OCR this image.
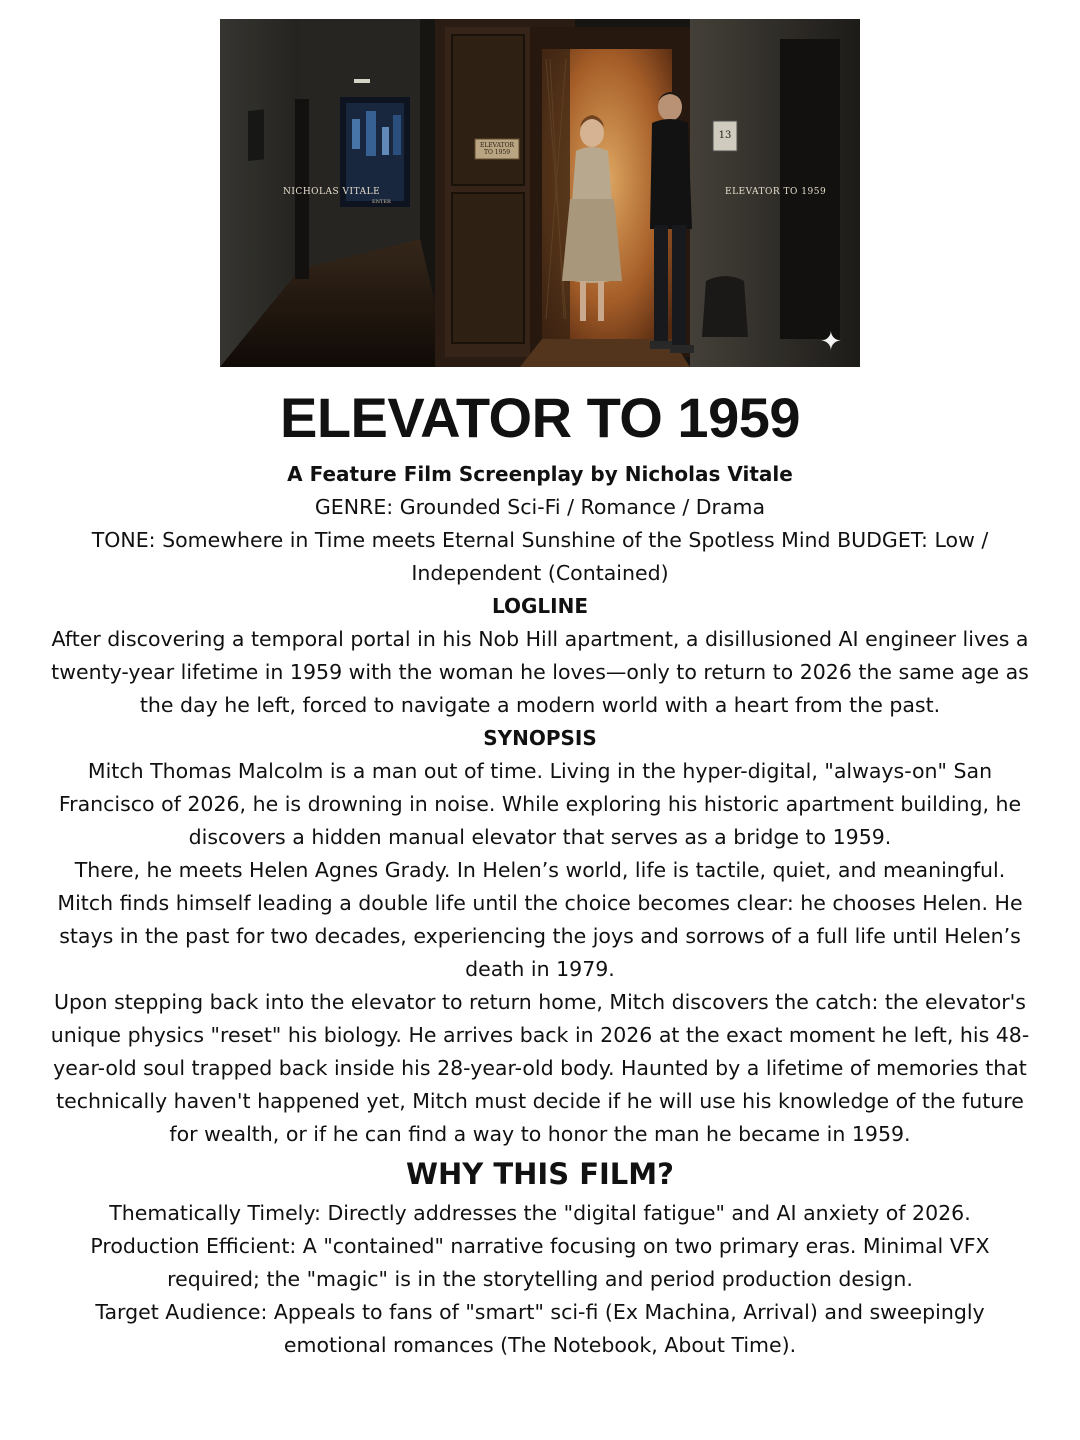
ELEVATOR TO 1959
13
NICHOLAS VITALE
ENTER
ELEVATOR TO 1959
✦
ELEVATOR TO 1959

A Feature Film Screenplay by Nicholas Vitale

GENRE: Grounded Sci-Fi / Romance / Drama

TONE: Somewhere in Time meets Eternal Sunshine of the Spotless Mind BUDGET: Low /

Independent (Contained)

LOGLINE

After discovering a temporal portal in his Nob Hill apartment, a disillusioned AI engineer lives a

twenty-year lifetime in 1959 with the woman he loves—only to return to 2026 the same age as

the day he left, forced to navigate a modern world with a heart from the past.

SYNOPSIS

Mitch Thomas Malcolm is a man out of time. Living in the hyper-digital, "always-on" San

Francisco of 2026, he is drowning in noise. While exploring his historic apartment building, he

discovers a hidden manual elevator that serves as a bridge to 1959.

There, he meets Helen Agnes Grady. In Helen’s world, life is tactile, quiet, and meaningful.

Mitch finds himself leading a double life until the choice becomes clear: he chooses Helen. He

stays in the past for two decades, experiencing the joys and sorrows of a full life until Helen’s

death in 1979.

Upon stepping back into the elevator to return home, Mitch discovers the catch: the elevator's

unique physics "reset" his biology. He arrives back in 2026 at the exact moment he left, his 48-

year-old soul trapped back inside his 28-year-old body. Haunted by a lifetime of memories that

technically haven't happened yet, Mitch must decide if he will use his knowledge of the future

for wealth, or if he can find a way to honor the man he became in 1959.

WHY THIS FILM?

Thematically Timely: Directly addresses the "digital fatigue" and AI anxiety of 2026.

Production Efficient: A "contained" narrative focusing on two primary eras. Minimal VFX

required; the "magic" is in the storytelling and period production design.

Target Audience: Appeals to fans of "smart" sci-fi (Ex Machina, Arrival) and sweepingly

emotional romances (The Notebook, About Time).
